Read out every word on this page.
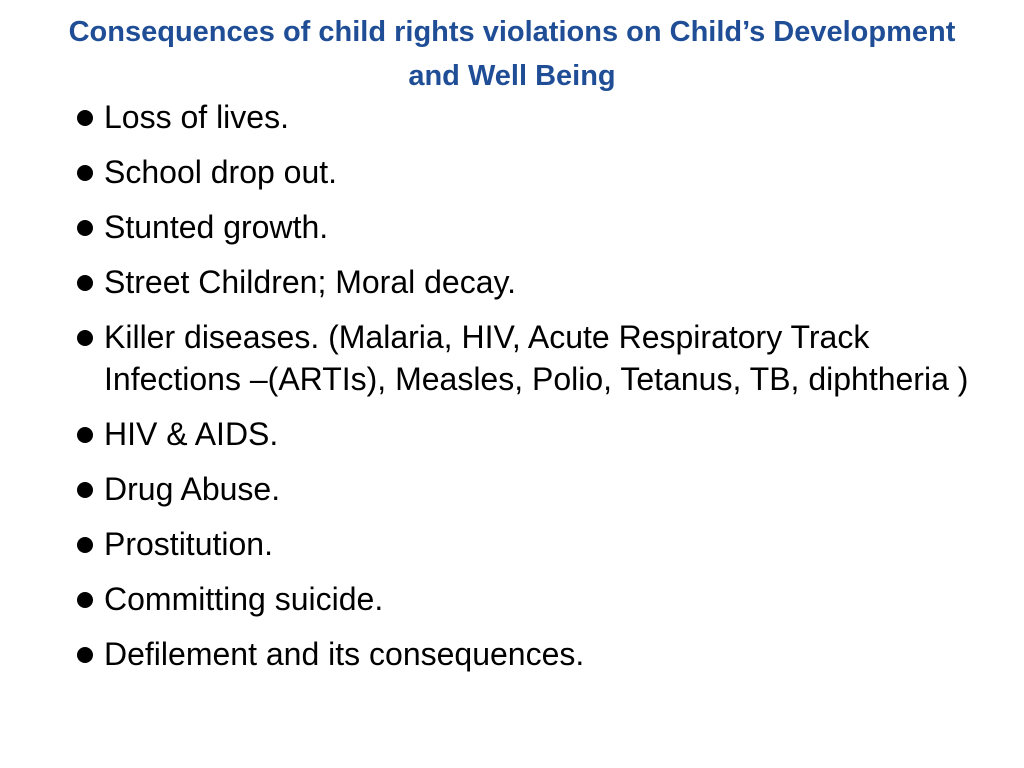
Consequences of child rights violations on Child’s Development and Well Being
Loss of lives.
School drop out.
Stunted growth.
Street Children; Moral decay.
Killer diseases. (Malaria, HIV, Acute Respiratory Track Infections –(ARTIs), Measles, Polio, Tetanus, TB, diphtheria )
HIV & AIDS.
Drug Abuse.
Prostitution.
Committing suicide.
Defilement and its consequences.
